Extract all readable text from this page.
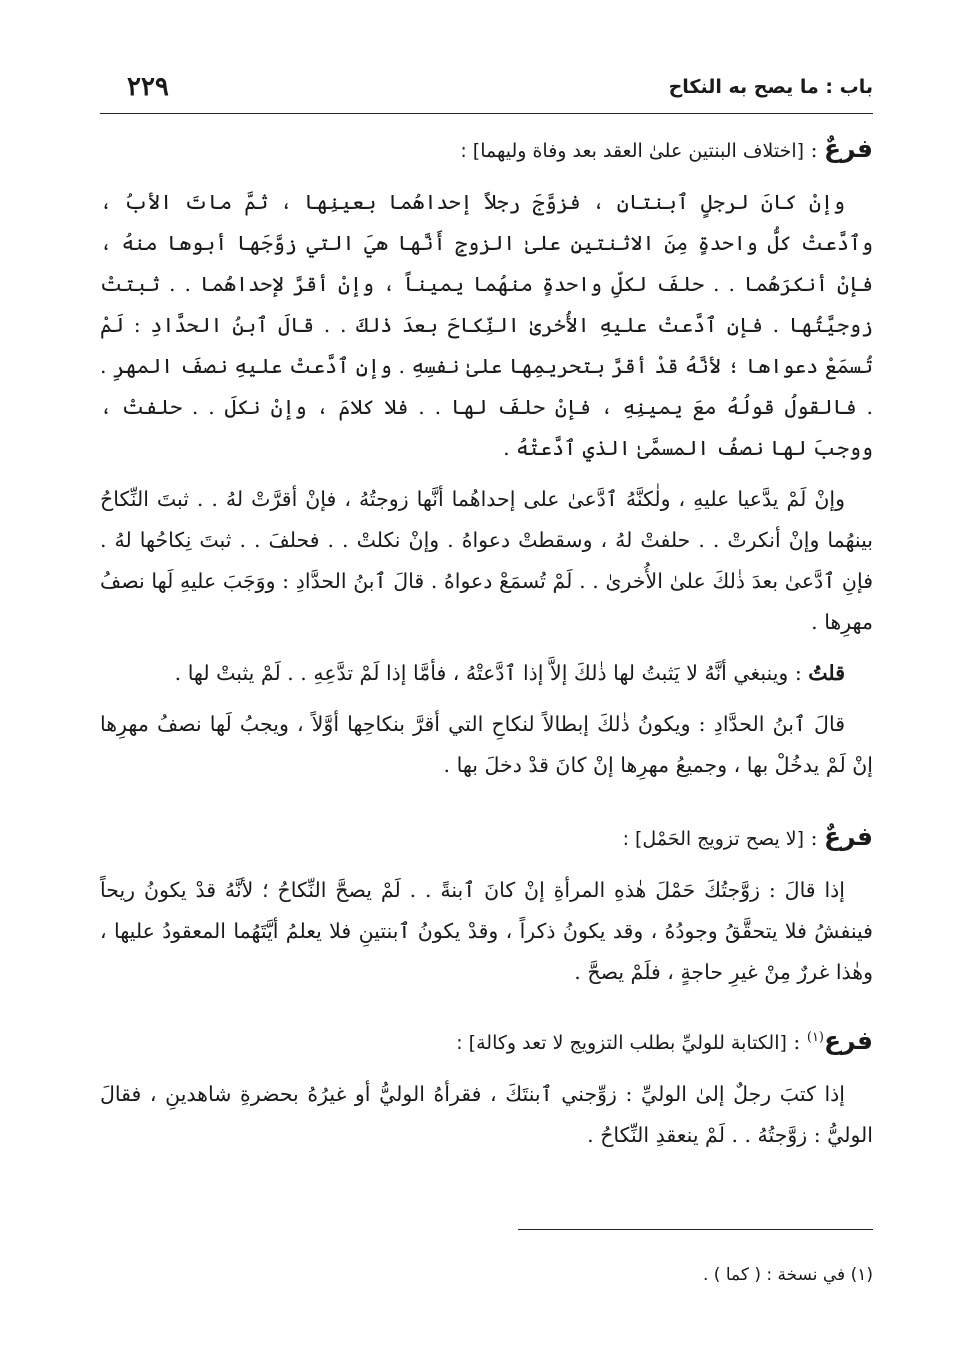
٢٢٩	باب : ما يصح به النكاح

فرعٌ : [اختلاف البنتين علىٰ العقد بعد وفاة وليهما] :

وإنْ كانَ لرجلٍ ٱبنتانِ ، فزوَّجَ رجلاً إحداهُما بعينِها ، ثمَّ ماتَ الأبُ ، وٱدَّعتْ كلُّ واحدةٍ مِنَ الاثنتينِ علىٰ الزوجِ أَنَّها هيَ التي زوَّجَها أبوها منهُ ، فإنْ أنكرَهُما . . حلفَ لكلِّ واحدةٍ منهُما يميناً ، وإنْ أقرَّ لإحداهُما . . ثبتتْ زوجيَّتُها . فإنِ ٱدَّعتْ عليهِ الأُخرىٰ النِّكاحَ بعدَ ذٰلكَ . . قالَ ٱبنُ الحدَّادِ : لَمْ تُسمَعْ دعواها ؛ لأنَّهُ قدْ أقرَّ بتحريمِها علىٰ نفسِهِ . وإنِ ٱدَّعتْ عليهِ نصفَ المهرِ . . فالقولُ قولُهُ معَ يمينِهِ ، فإنْ حلفَ لها . . فلا كلامَ ، وإنْ نكلَ . . حلفتْ ، ووجبَ لها نصفُ المسمَّىٰ الذي ٱدَّعتْهُ .

وإنْ لَمْ يدَّعيا عليهِ ، ولٰكنَّهُ ٱدَّعىٰ على إحداهُما أنَّها زوجتُهُ ، فإنْ أقرَّتْ لهُ . . ثبتَ النِّكاحُ بينهُما وإنْ أنكرتْ . . حلفتْ لهُ ، وسقطتْ دعواهُ . وإنْ نكلتْ . . فحلفَ . . ثبتَ نِكاحُها لهُ . فإنِ ٱدَّعىٰ بعدَ ذٰلكَ علىٰ الأُخرىٰ . . لَمْ تُسمَعْ دعواهُ . قالَ ٱبنُ الحدَّادِ : ووَجَبَ عليهِ لَها نصفُ مهرِها .

قلتُ : وينبغي أنَّهُ لا يَثبتُ لها ذٰلكَ إلاَّ إذا ٱدَّعتْهُ ، فأمَّا إذا لَمْ تدَّعِهِ . . لَمْ يثبتْ لها .

قالَ ٱبنُ الحدَّادِ : ويكونُ ذٰلكَ إبطالاً لنكاحِ التي أقرَّ بنكاحِها أوَّلاً ، ويجبُ لَها نصفُ مهرِها إنْ لَمْ يدخُلْ بها ، وجميعُ مهرِها إنْ كانَ قدْ دخلَ بها .

فرعٌ : [لا يصح تزويج الحَمْل] :

إذا قالَ : زوَّجتُكَ حَمْلَ هٰذهِ المرأةِ إنْ كانَ ٱبنةً . . لَمْ يصحَّ النِّكاحُ ؛ لأنَّهُ قدْ يكونُ ريحاً فينفشُ فلا يتحقَّقُ وجودُهُ ، وقد يكونُ ذكراً ، وقدْ يكونُ ٱبنتينِ فلا يعلمُ أيَّتَهُما المعقودُ عليها ، وهٰذا غررٌ مِنْ غيرِ حاجةٍ ، فلَمْ يصحَّ .

فرع$^{(١)}$ : [الكتابة للوليِّ بطلب التزويج لا تعد وكالة] :

إذا كتبَ رجلٌ إلىٰ الوليِّ : زوِّجني ٱبنتَكَ ، فقرأهُ الوليُّ أو غيرُهُ بحضرةِ شاهدينِ ، فقالَ الوليُّ : زوَّجتُهُ . . لَمْ ينعقدِ النِّكاحُ .

(١) في نسخة : ( كما ) .
